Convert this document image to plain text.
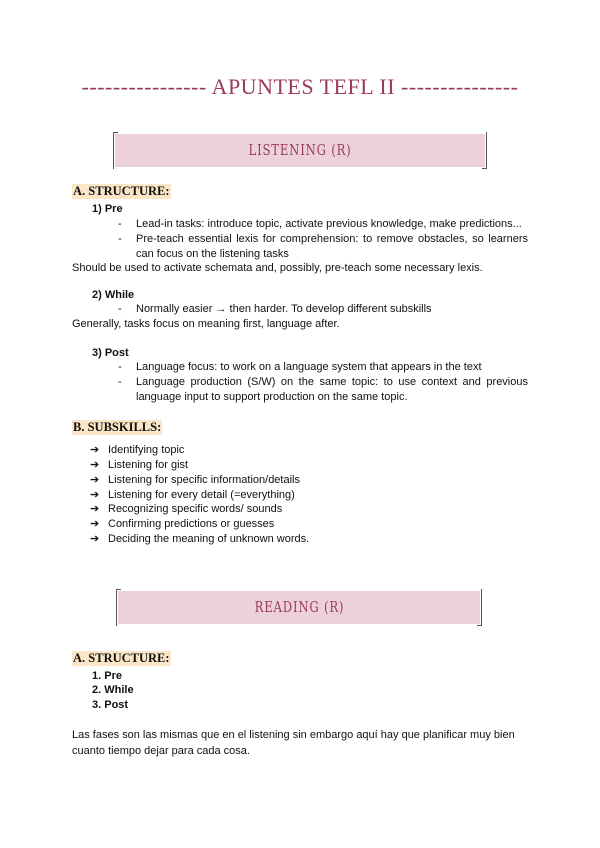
---------------- APUNTES TEFL II ---------------
LISTENING (R)
A. STRUCTURE:
1) Pre
- Lead-in tasks: introduce topic, activate previous knowledge, make predictions...
- Pre-teach essential lexis for comprehension: to remove obstacles, so learners can focus on the listening tasks
Should be used to activate schemata and, possibly, pre-teach some necessary lexis.
2) While
- Normally easier → then harder. To develop different subskills
Generally, tasks focus on meaning first, language after.
3) Post
- Language focus: to work on a language system that appears in the text
- Language production (S/W) on the same topic: to use context and previous language input to support production on the same topic.
B. SUBSKILLS:
➔ Identifying topic
➔ Listening for gist
➔ Listening for specific information/details
➔ Listening for every detail (=everything)
➔ Recognizing specific words/ sounds
➔ Confirming predictions or guesses
➔ Deciding the meaning of unknown words.
READING (R)
A. STRUCTURE:
1. Pre
2. While
3. Post
Las fases son las mismas que en el listening sin embargo aquí hay que planificar muy bien cuanto tiempo dejar para cada cosa.
